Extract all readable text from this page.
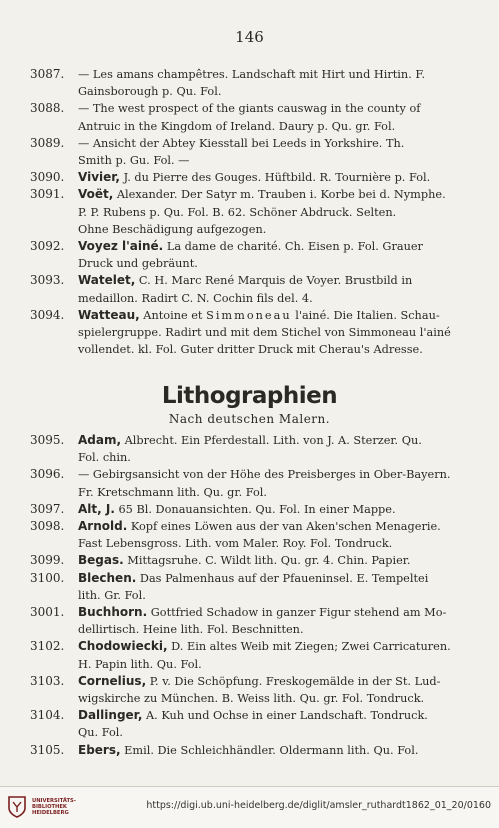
146
3087. — Les amans champêtres. Landschaft mit Hirt und Hirtin. F.
Gainsborough p. Qu. Fol.
3088. — The west prospect of the giants causwag in the county of
Antruic in the Kingdom of Ireland. Daury p. Qu. gr. Fol.
3089. — Ansicht der Abtey Kiesstall bei Leeds in Yorkshire. Th.
Smith p. Gu. Fol. —
3090. Vivier, J. du Pierre des Gouges. Hüftbild. R. Tournière p. Fol.
3091. Voët, Alexander. Der Satyr m. Trauben i. Korbe bei d. Nymphe.
P. P. Rubens p. Qu. Fol. B. 62. Schöner Abdruck. Selten.
Ohne Beschädigung aufgezogen.
3092. Voyez l'ainé. La dame de charité. Ch. Eisen p. Fol. Grauer
Druck und gebräunt.
3093. Watelet, C. H. Marc René Marquis de Voyer. Brustbild in
medaillon. Radirt C. N. Cochin fils del. 4.
3094. Watteau, Antoine et Simmoneau l'ainé. Die Italien. Schau-
spielergruppe. Radirt und mit dem Stichel von Simmoneau l'ainé
vollendet. kl. Fol. Guter dritter Druck mit Cherau's Adresse.
Lithographien
Nach deutschen Malern.
3095. Adam, Albrecht. Ein Pferdestall. Lith. von J. A. Sterzer. Qu.
Fol. chin.
3096. — Gebirgsansicht von der Höhe des Preisberges in Ober-Bayern.
Fr. Kretschmann lith. Qu. gr. Fol.
3097. Alt, J. 65 Bl. Donauansichten. Qu. Fol. In einer Mappe.
3098. Arnold. Kopf eines Löwen aus der van Aken'schen Menagerie.
Fast Lebensgross. Lith. vom Maler. Roy. Fol. Tondruck.
3099. Begas. Mittagsruhe. C. Wildt lith. Qu. gr. 4. Chin. Papier.
3100. Blechen. Das Palmenhaus auf der Pfaueninsel. E. Tempeltei
lith. Gr. Fol.
3001. Buchhorn. Gottfried Schadow in ganzer Figur stehend am Mo-
dellirtisch. Heine lith. Fol. Beschnitten.
3102. Chodowiecki, D. Ein altes Weib mit Ziegen; Zwei Carricaturen.
H. Papin lith. Qu. Fol.
3103. Cornelius, P. v. Die Schöpfung. Freskogemälde in der St. Lud-
wigskirche zu München. B. Weiss lith. Qu. gr. Fol. Tondruck.
3104. Dallinger, A. Kuh und Ochse in einer Landschaft. Tondruck.
Qu. Fol.
3105. Ebers, Emil. Die Schleichhändler. Oldermann lith. Qu. Fol.
UNIVERSITÄTS-
BIBLIOTHEK
HEIDELBERG
https://digi.ub.uni-heidelberg.de/diglit/amsler_ruthardt1862_01_20/0160
